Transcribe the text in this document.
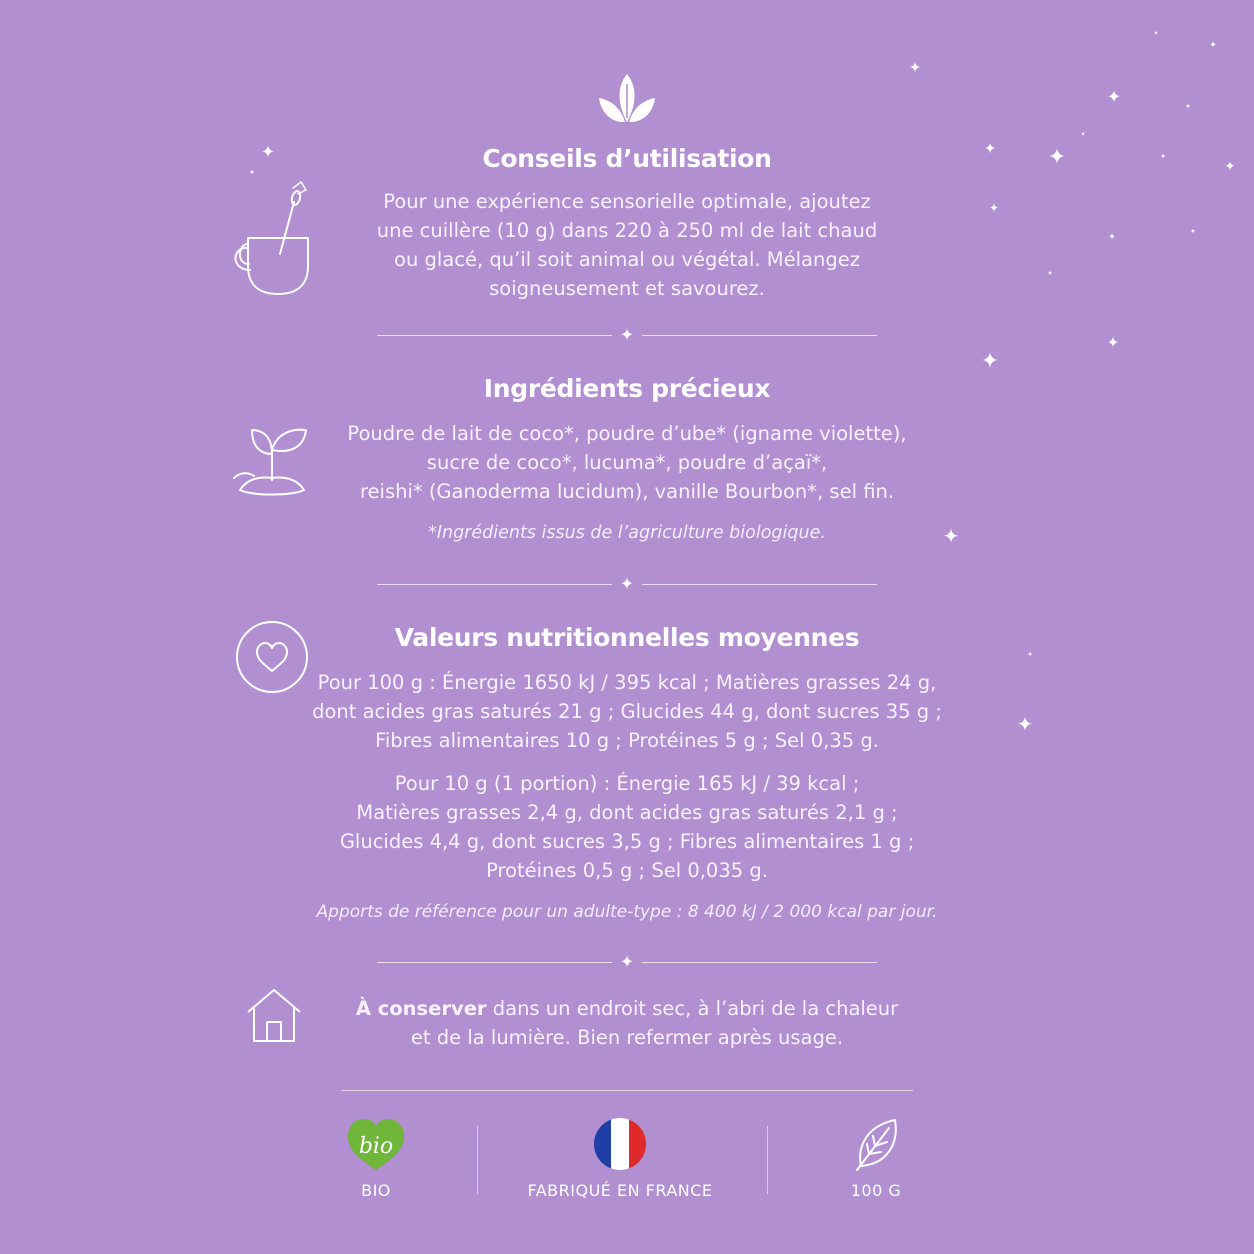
✦
✦
✦
✦
✦
✦	✦
✦
✦ ✦	✦
✦
✦
✦
✦
✦
✦
✦
✦
✦
✦
Conseils d’utilisation
Pour une expérience sensorielle optimale, ajoutez
une cuillère (10 g) dans 220 à 250 ml de lait chaud
ou glacé, qu’il soit animal ou végétal. Mélangez
soigneusement et savourez.
✦
Ingrédients précieux
Poudre de lait de coco*, poudre d’ube* (igname violette),
sucre de coco*, lucuma*, poudre d’açaï*,
reishi* (Ganoderma lucidum), vanille Bourbon*, sel fin.
*Ingrédients issus de l’agriculture biologique.
✦
Valeurs nutritionnelles moyennes
Pour 100 g : Énergie 1650 kJ / 395 kcal ; Matières grasses 24 g,
dont acides gras saturés 21 g ; Glucides 44 g, dont sucres 35 g ;
Fibres alimentaires 10 g ; Protéines 5 g ; Sel 0,35 g.
Pour 10 g (1 portion) : Énergie 165 kJ / 39 kcal ;
Matières grasses 2,4 g, dont acides gras saturés 2,1 g ;
Glucides 4,4 g, dont sucres 3,5 g ; Fibres alimentaires 1 g ;
Protéines 0,5 g ; Sel 0,035 g.
Apports de référence pour un adulte-type : 8 400 kJ / 2 000 kcal par jour.
✦
À conserver dans un endroit sec, à l’abri de la chaleur
et de la lumière. Bien refermer après usage.
bio
BIO	FABRIQUÉ EN FRANCE	100 G
